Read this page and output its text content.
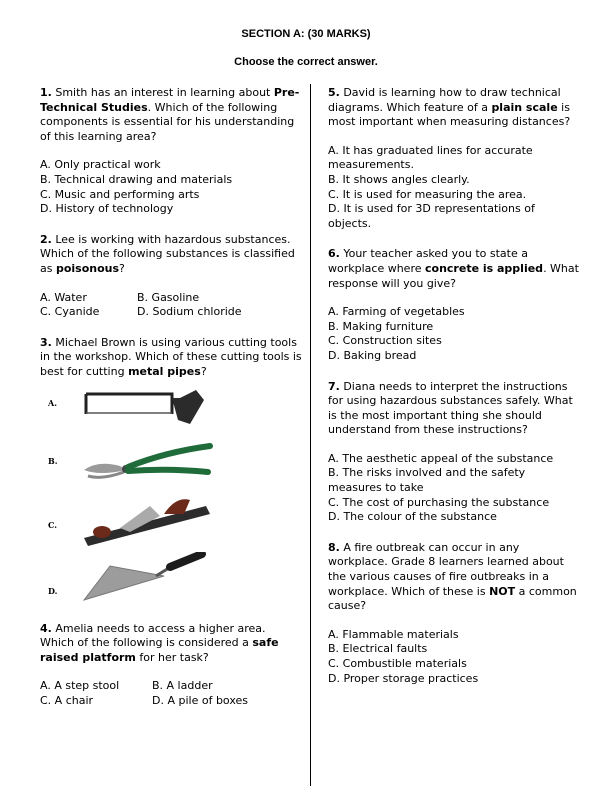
SECTION A: (30 MARKS)
Choose the correct answer.

1. Smith has an interest in learning about Pre-Technical Studies. Which of the following components is essential for his understanding of this learning area?

A. Only practical work
B. Technical drawing and materials
C. Music and performing arts
D. History of technology

2. Lee is working with hazardous substances. Which of the following substances is classified as poisonous?

A. Water	B. Gasoline
C. Cyanide	D. Sodium chloride

3. Michael Brown is using various cutting tools in the workshop. Which of these cutting tools is best for cutting metal pipes?

A.
B.
C.
D.

4. Amelia needs to access a higher area. Which of the following is considered a safe raised platform for her task?

A. A step stool	B. A ladder
C. A chair	D. A pile of boxes

5. David is learning how to draw technical diagrams. Which feature of a plain scale is most important when measuring distances?

A. It has graduated lines for accurate measurements.
B. It shows angles clearly.
C. It is used for measuring the area.
D. It is used for 3D representations of objects.

6. Your teacher asked you to state a workplace where concrete is applied. What response will you give?

A. Farming of vegetables
B. Making furniture
C. Construction sites
D. Baking bread

7. Diana needs to interpret the instructions for using hazardous substances safely. What is the most important thing she should understand from these instructions?

A. The aesthetic appeal of the substance
B. The risks involved and the safety measures to take
C. The cost of purchasing the substance
D. The colour of the substance

8. A fire outbreak can occur in any workplace. Grade 8 learners learned about the various causes of fire outbreaks in a workplace. Which of these is NOT a common cause?

A. Flammable materials
B. Electrical faults
C. Combustible materials
D. Proper storage practices
